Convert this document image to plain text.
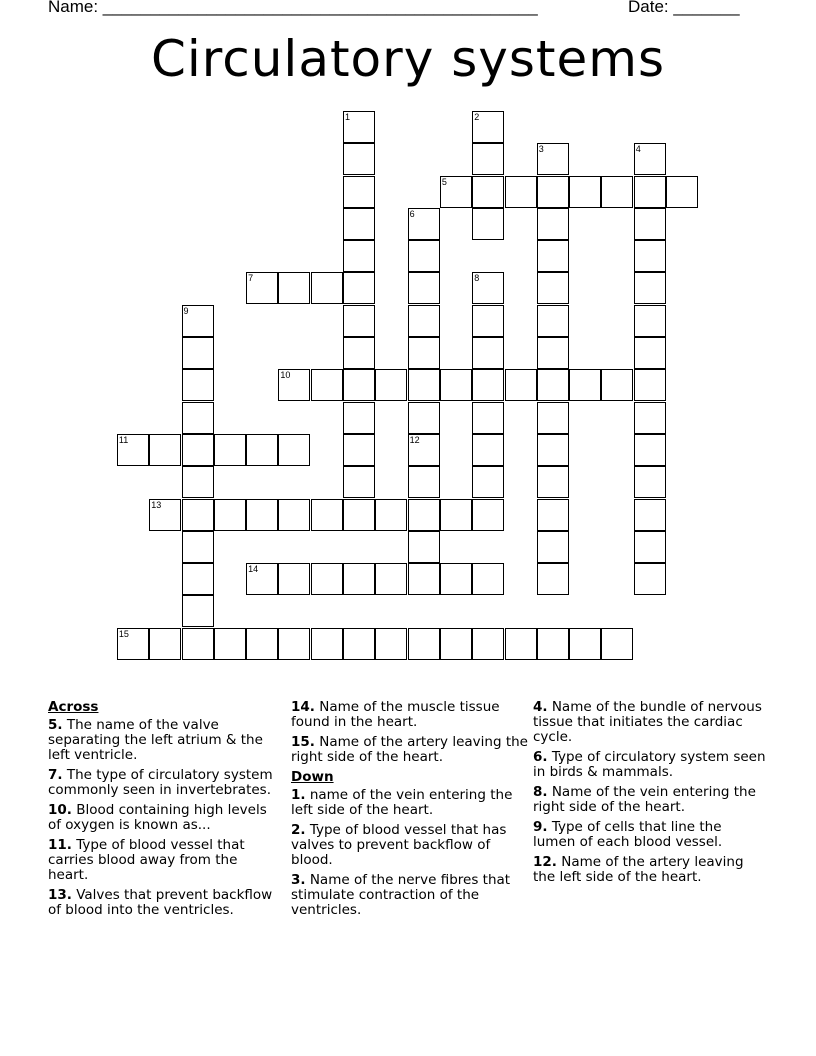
Name: ______________________________________________	Date: _______
Circulatory systems
1	2
3	4
5
6
12
8
7
9
10
11
13
14
15
Across
5. The name of the valve separating the left atrium & the left ventricle.
7. The type of circulatory system commonly seen in invertebrates.
10. Blood containing high levels of oxygen is known as...
11. Type of blood vessel that carries blood away from the heart.
13. Valves that prevent backflow of blood into the ventricles.
14. Name of the muscle tissue found in the heart.
15. Name of the artery leaving the right side of the heart.
Down
1. name of the vein entering the left side of the heart.
2. Type of blood vessel that has valves to prevent backflow of blood.
3. Name of the nerve fibres that stimulate contraction of the ventricles.
4. Name of the bundle of nervous tissue that initiates the cardiac cycle.
6. Type of circulatory system seen in birds & mammals.
8. Name of the vein entering the right side of the heart.
9. Type of cells that line the lumen of each blood vessel.
12. Name of the artery leaving the left side of the heart.
